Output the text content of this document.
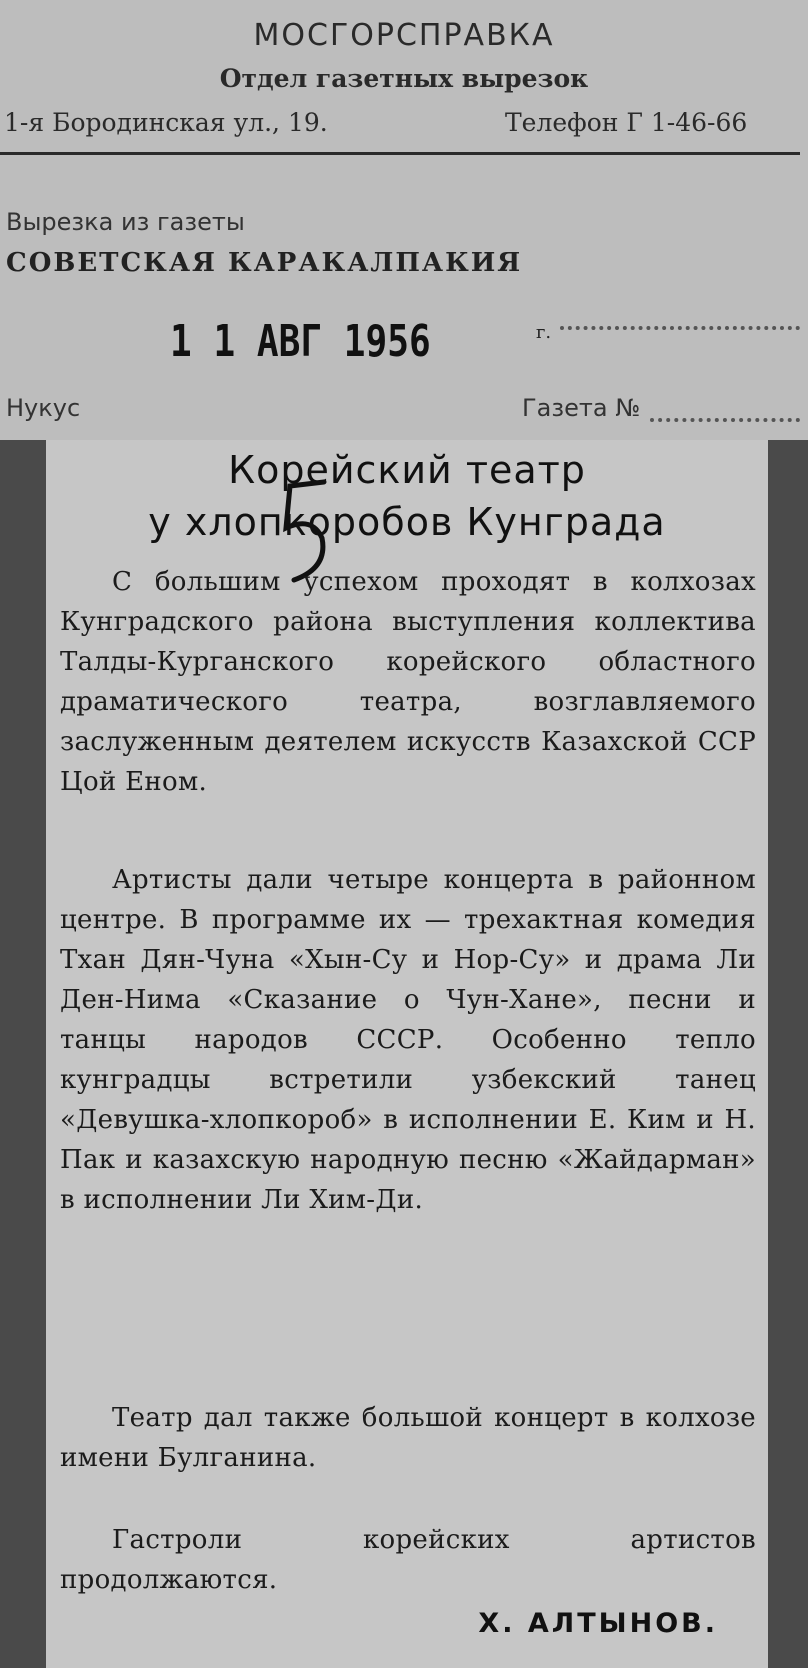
МОСГОРСПРАВКА
Отдел газетных вырезок
1-я Бородинская ул., 19.	Телефон Г 1-46-66
Вырезка из газеты
СОВЕТСКАЯ КАРАКАЛПАКИЯ
1 1 АВГ 1956	г.
Нукус	Газета №
Корейский театр
у хлопкоробов Кунграда

С большим успехом проходят в колхозах Кунградского района выступления коллектива Талды-Курганского корейского областного драматического театра, возглавляемого заслуженным деятелем искусств Казахской ССР Цой Еном.

Артисты дали четыре концерта в районном центре. В программе их — трехактная комедия Тхан Дян-Чуна «Хын-Су и Нор-Су» и драма Ли Ден-Нима «Сказание о Чун-Хане», песни и танцы народов СССР. Особенно тепло кунградцы встретили узбекский танец «Девушка-хлопкороб» в исполнении Е. Ким и Н. Пак и казахскую народную песню «Жайдарман» в исполнении Ли Хим-Ди.

Театр дал также большой концерт в колхозе имени Булганина.

Гастроли корейских артистов продолжаются.

Х. АЛТЫНОВ.
